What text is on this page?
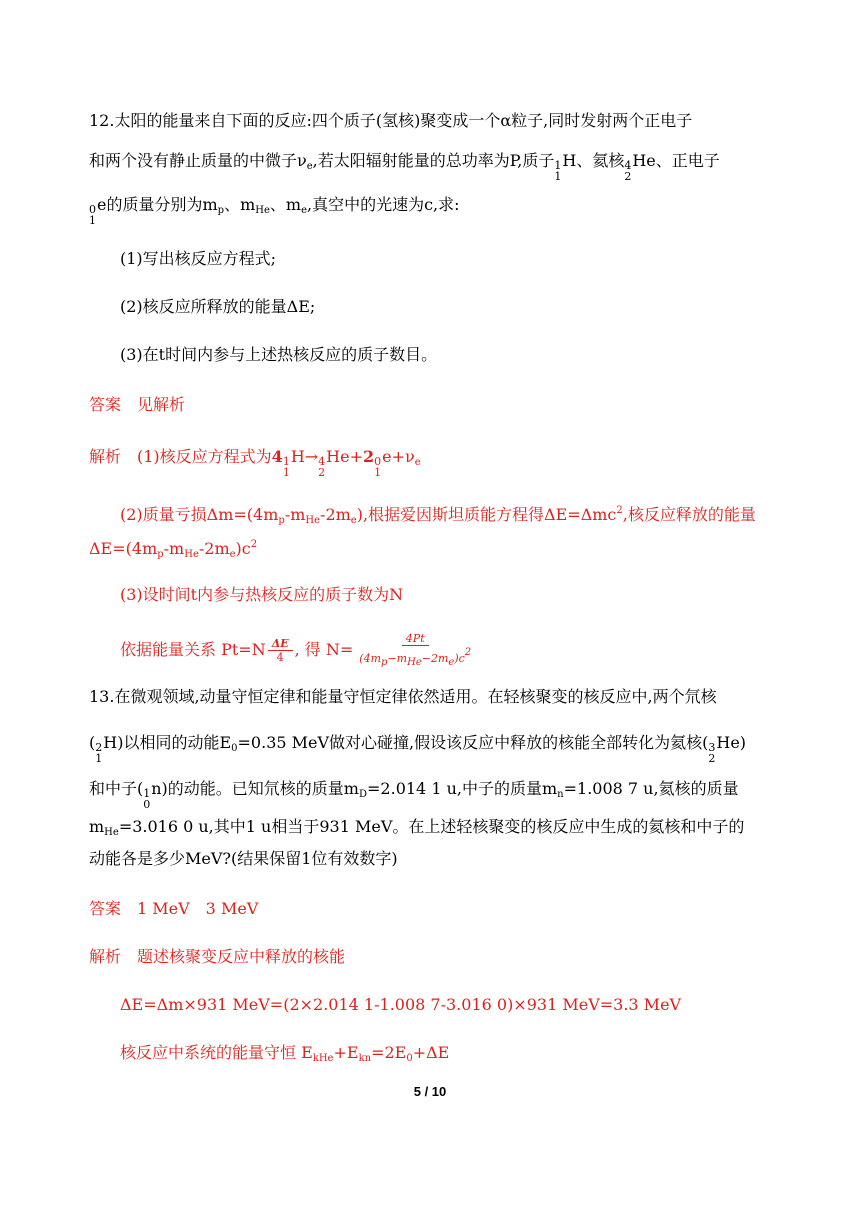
12.太阳的能量来自下面的反应:四个质子(氢核)聚变成一个α粒子,同时发射两个正电子
和两个没有静止质量的中微子$\nu_e$,若太阳辐射能量的总功率为P,质子 1
1
H、氦核 4
2
He、正电子
0
1
e的质量分别为$m_p$、$m_{He}$、$m_e$,真空中的光速为c,求:
(1)写出核反应方程式;
(2)核反应所释放的能量ΔE;
(3)在t时间内参与上述热核反应的质子数目。
答案　见解析
解析　(1)核反应方程式为4 1
1
H→ 4
2
He+2 0
1
$e+\nu_e$
(2)质量亏损$\Delta m=(4m_p-m_{He}-2m_e)$,根据爱因斯坦质能方程得ΔE=Δmc$^2$,核反应释放的能量
$\Delta E=(4m_p-m_{He}-2m_e)c^2$
(3)设时间t内参与热核反应的质子数为N
依据能量关系 $Pt=N \frac{\Delta E}{4}$ , 得 $N= \frac{4Pt}{\text{(4mp−mHe−2me)c2}}$
13.在微观领域,动量守恒定律和能量守恒定律依然适用。在轻核聚变的核反应中,两个氘核
( 2
1
H)以相同的动能$E_0=0.35$ MeV做对心碰撞,假设该反应中释放的核能全部转化为氦核( 3
2
He)
和中子( 1
0
n)的动能。已知氘核的质量$m_D=2.014$ 1 u,中子的质量$m_n=1.008$ 7 u,氦核的质量
$m_{He}=3.016$ 0 u,其中1 u相当于931 MeV。在上述轻核聚变的核反应中生成的氦核和中子的
动能各是多少MeV?(结果保留1位有效数字)
答案　1 MeV　3 MeV
解析　题述核聚变反应中释放的核能
ΔE=Δm×931 MeV=(2×2.014 1-1.008 7-3.016 0)×931 MeV=3.3 MeV
核反应中系统的能量守恒 $E_{kHe}+E_{kn}=2E_0+\Delta E$
5 / 10
